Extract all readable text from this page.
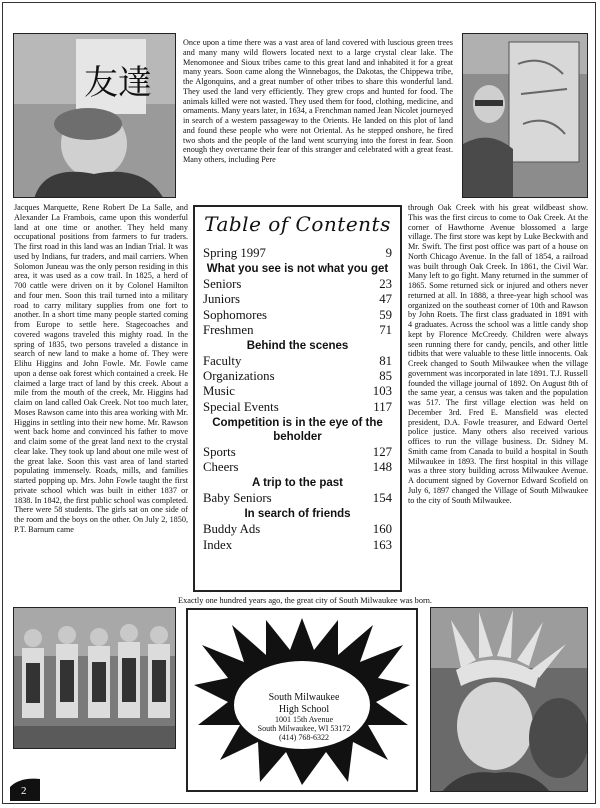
友達
Once upon a time there was a vast area of land covered with luscious green trees and many many wild flowers located next to a large crystal clear lake. The Menomonee and Sioux tribes came to this great land and inhabited it for a great many years. Soon came along the Winnebagos, the Dakotas, the Chippewa tribe, the Algonquins, and a great number of other tribes to share this wonderful land. They used the land very efficiently. They grew crops and hunted for food. The animals killed were not wasted. They used them for food, clothing, medicine, and ornaments. Many years later, in 1634, a Frenchman named Jean Nicolet journeyed in search of a western passageway to the Orients. He landed on this plot of land and found these people who were not Oriental. As he stepped onshore, he fired two shots and the people of the land went scurrying into the forest in fear. Soon enough they overcame their fear of this stranger and celebrated with a great feast. Many others, including Pere
Jacques Marquette, Rene Robert De La Salle, and Alexander La Frambois, came upon this wonderful land at one time or another. They held many occupational positions from farmers to fur traders. The first road in this land was an Indian Trial. It was used by Indians, fur traders, and mail carriers. When Solomon Juneau was the only person residing in this area, it was used as a cow trail. In 1825, a herd of 700 cattle were driven on it by Colonel Hamilton and four men. Soon this trail turned into a military road to carry military supplies from one fort to another. In a short time many people started coming from Europe to settle here. Stagecoaches and covered wagons traveled this mighty road. In the spring of 1835, two persons traveled a distance in search of new land to make a home of. They were Elihu Higgins and John Fowle. Mr. Fowle came upon a dense oak forest which contained a creek. He claimed a large tract of land by this creek. About a mile from the mouth of the creek, Mr. Higgins had claim on land called Oak Creek. Not too much later, Moses Rawson came into this area working with Mr. Higgins in settling into their new home. Mr. Rawson went back home and convinced his father to move and claim some of the great land next to the crystal clear lake. They took up land about one mile west of the great lake. Soon this vast area of land started populating immensely. Roads, mills, and families started popping up. Mrs. John Fowle taught the first private school which was built in either 1837 or 1838. In 1842, the first public school was completed. There were 58 students. The girls sat on one side of the room and the boys on the other. On July 2, 1850, P.T. Barnum came
through Oak Creek with his great wildbeast show. This was the first circus to come to Oak Creek. At the corner of Hawthorne Avenue blossomed a large village. The first store was kept by Luke Beckwith and Mr. Swift. The first post office was part of a house on North Chicago Avenue. In the fall of 1854, a railroad was built through Oak Creek. In 1861, the Civil War. Many left to go fight. Many returned in the summer of 1865. Some returned sick or injured and others never returned at all. In 1888, a three-year high school was organized on the southeast corner of 10th and Rawson by John Roets. The first class graduated in 1891 with 4 graduates. Across the school was a little candy shop kept by Florence McCreedy. Children were always seen running there for candy, pencils, and other little tidbits that were valuable to these little innocents. Oak Creek changed to South Milwaukee when the village government was incorporated in late 1891. T.J. Russell founded the village journal of 1892. On August 8th of the same year, a census was taken and the population was 517. The first village election was held on December 3rd. Fred E. Mansfield was elected president, D.A. Fowle treasurer, and Edward Oertel police justice. Many others also received various offices to run the village business. Dr. Sidney M. Smith came from Canada to build a hospital in South Milwaukee in 1893. The first hospital in this village was a three story building across Milwaukee Avenue. A document signed by Governor Edward Scofield on July 6, 1897 changed the Village of South Milwaukee to the city of South Milwaukee.
Table of Contents
Spring 1997	9
What you see is not what you get
Seniors	23
Juniors	47
Sophomores	59
Freshmen	71
Behind the scenes
Faculty	81
Organizations	85
Music	103
Special Events	117
Competition is in the eye of the beholder
Sports	127
Cheers	148
A trip to the past
Baby Seniors	154
In search of friends
Buddy Ads	160
Index	163
Exactly one hundred years ago, the great city of South Milwaukee was born.
South Milwaukee
High School
1001 15th Avenue
South Milwaukee, WI 53172
(414) 768-6322
2
